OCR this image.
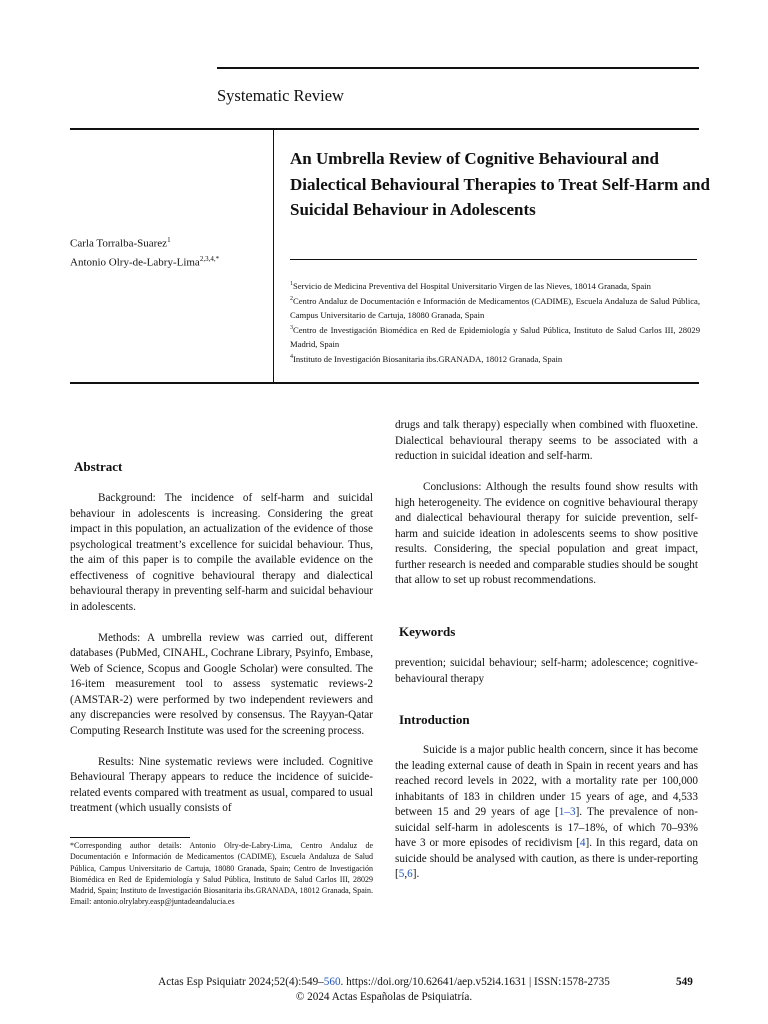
Systematic Review
Carla Torralba-Suarez$^1$
Antonio Olry-de-Labry-Lima$^{2,3,4,*}$
An Umbrella Review of Cognitive Behavioural and Dialectical Behavioural Therapies to Treat Self-Harm and Suicidal Behaviour in Adolescents

$^1$Servicio de Medicina Preventiva del Hospital Universitario Virgen de las Nieves, 18014 Granada, Spain

$^2$Centro Andaluz de Documentación e Información de Medicamentos (CADIME), Escuela Andaluza de Salud Pública, Campus Universitario de Cartuja, 18080 Granada, Spain

$^3$Centro de Investigación Biomédica en Red de Epidemiología y Salud Pública, Instituto de Salud Carlos III, 28029 Madrid, Spain

$^4$Instituto de Investigación Biosanitaria ibs.GRANADA, 18012 Granada, Spain

Abstract

Background: The incidence of self-harm and suicidal behaviour in adolescents is increasing. Considering the great impact in this population, an actualization of the evidence of those psychological treatment’s excellence for suicidal behaviour. Thus, the aim of this paper is to compile the available evidence on the effectiveness of cognitive behavioural therapy and dialectical behavioural therapy in preventing self-harm and suicidal behaviour in adolescents.

Methods: A umbrella review was carried out, different databases (PubMed, CINAHL, Cochrane Library, Psyinfo, Embase, Web of Science, Scopus and Google Scholar) were consulted. The 16-item measurement tool to assess systematic reviews-2 (AMSTAR-2) were performed by two independent reviewers and any discrepancies were resolved by consensus. The Rayyan-Qatar Computing Research Institute was used for the screening process.

Results: Nine systematic reviews were included. Cognitive Behavioural Therapy appears to reduce the incidence of suicide-related events compared with treatment as usual, compared to usual treatment (which usually consists of

*Corresponding author details: Antonio Olry-de-Labry-Lima, Centro Andaluz de Documentación e Información de Medicamentos (CADIME), Escuela Andaluza de Salud Pública, Campus Universitario de Cartuja, 18080 Granada, Spain; Centro de Investigación Biomédica en Red de Epidemiología y Salud Pública, Instituto de Salud Carlos III, 28029 Madrid, Spain; Instituto de Investigación Biosanitaria ibs.GRANADA, 18012 Granada, Spain. Email: antonio.olrylabry.easp@juntadeandalucia.es

drugs and talk therapy) especially when combined with fluoxetine. Dialectical behavioural therapy seems to be associated with a reduction in suicidal ideation and self-harm.

Conclusions: Although the results found show results with high heterogeneity. The evidence on cognitive behavioural therapy and dialectical behavioural therapy for suicide prevention, self-harm and suicide ideation in adolescents seems to show positive results. Considering, the special population and great impact, further research is needed and comparable studies should be sought that allow to set up robust recommendations.

Keywords
prevention; suicidal behaviour; self-harm; adolescence; cognitive-behavioural therapy
Introduction

Suicide is a major public health concern, since it has become the leading external cause of death in Spain in recent years and has reached record levels in 2022, with a mortality rate per 100,000 inhabitants of 183 in children under 15 years of age, and 4,533 between 15 and 29 years of age [1–3]. The prevalence of non-suicidal self-harm in adolescents is 17–18%, of which 70–93% have 3 or more episodes of recidivism [4]. In this regard, data on suicide should be analysed with caution, as there is under-reporting [5,6].

Actas Esp Psiquiatr 2024;52(4):549–560. https://doi.org/10.62641/aep.v52i4.1631 | ISSN:1578-2735
© 2024 Actas Españolas de Psiquiatría.
549
